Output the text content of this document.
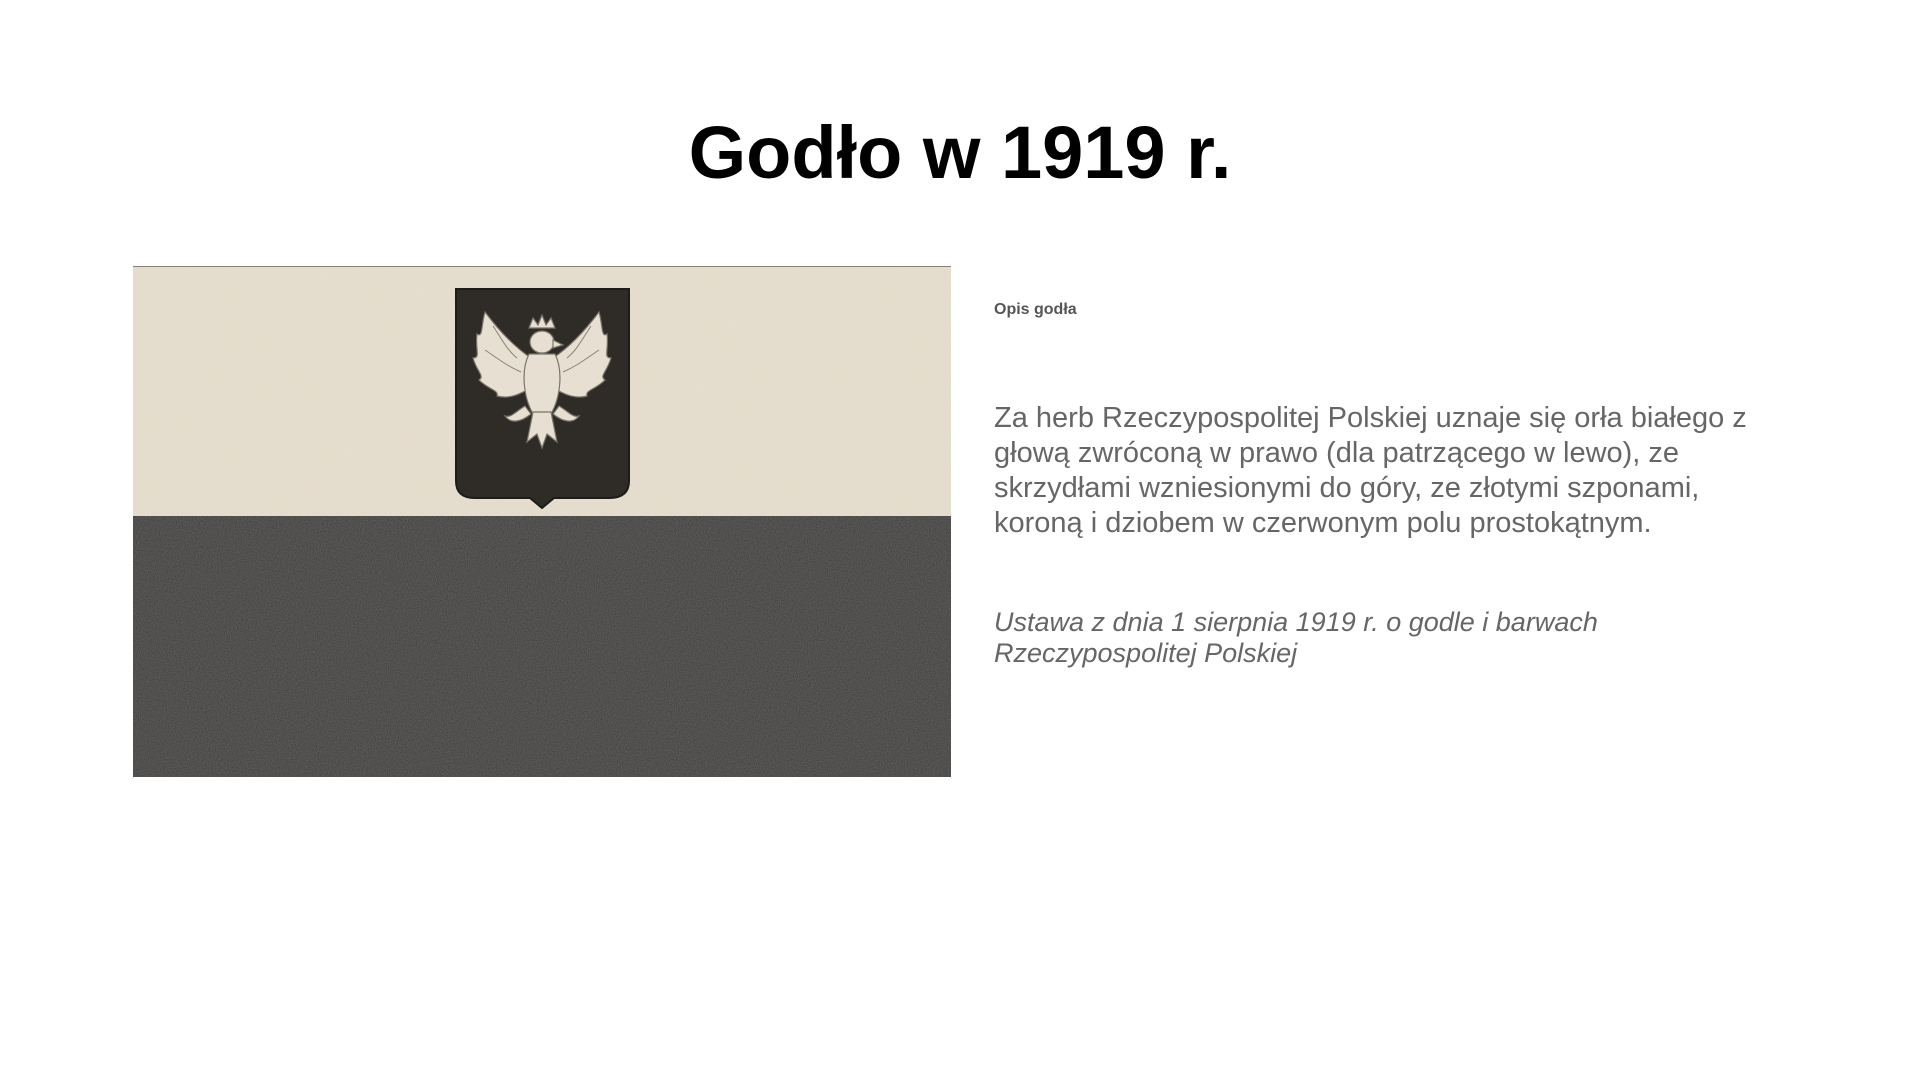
Godło w 1919 r.

Opis godła

Za herb Rzeczypospolitej Polskiej uznaje się orła białego z głową zwróconą w prawo (dla patrzącego w lewo), ze skrzydłami wzniesionymi do góry, ze złotymi szponami, koroną i dziobem w czerwonym polu prostokątnym.

Ustawa z dnia 1 sierpnia 1919 r. o godle i barwach Rzeczypospolitej Polskiej
